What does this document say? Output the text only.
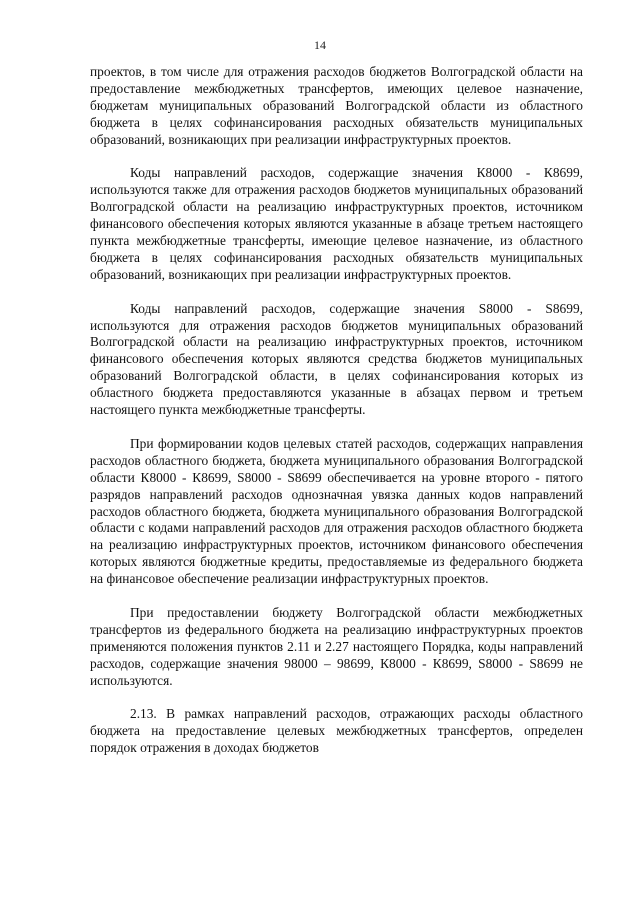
14

проектов, в том числе для отражения расходов бюджетов Волгоградской области на предоставление межбюджетных трансфертов, имеющих целевое назначение, бюджетам муниципальных образований Волгоградской области из областного бюджета в целях софинансирования расходных обязательств муниципальных образований, возникающих при реализации инфраструктурных проектов.

Коды направлений расходов, содержащие значения К8000 - К8699, используются также для отражения расходов бюджетов муниципальных образований Волгоградской области на реализацию инфраструктурных проектов, источником финансового обеспечения которых являются указанные в абзаце третьем настоящего пункта межбюджетные трансферты, имеющие целевое назначение, из областного бюджета в целях софинансирования расходных обязательств муниципальных образований, возникающих при реализации инфраструктурных проектов.

Коды направлений расходов, содержащие значения S8000 - S8699, используются для отражения расходов бюджетов муниципальных образований Волгоградской области на реализацию инфраструктурных проектов, источником финансового обеспечения которых являются средства бюджетов муниципальных образований Волгоградской области, в целях софинансирования которых из областного бюджета предоставляются указанные в абзацах первом и третьем настоящего пункта межбюджетные трансферты.

При формировании кодов целевых статей расходов, содержащих направления расходов областного бюджета, бюджета муниципального образования Волгоградской области К8000 - К8699, S8000 - S8699 обеспечивается на уровне второго - пятого разрядов направлений расходов однозначная увязка данных кодов направлений расходов областного бюджета, бюджета муниципального образования Волгоградской области с кодами направлений расходов для отражения расходов областного бюджета на реализацию инфраструктурных проектов, источником финансового обеспечения которых являются бюджетные кредиты, предоставляемые из федерального бюджета на финансовое обеспечение реализации инфраструктурных проектов.

При предоставлении бюджету Волгоградской области межбюджетных трансфертов из федерального бюджета на реализацию инфраструктурных проектов применяются положения пунктов 2.11 и 2.27 настоящего Порядка, коды направлений расходов, содержащие значения 98000 – 98699, К8000 - К8699, S8000 - S8699 не используются.

2.13. В рамках направлений расходов, отражающих расходы областного бюджета на предоставление целевых межбюджетных трансфертов, определен порядок отражения в доходах бюджетов
